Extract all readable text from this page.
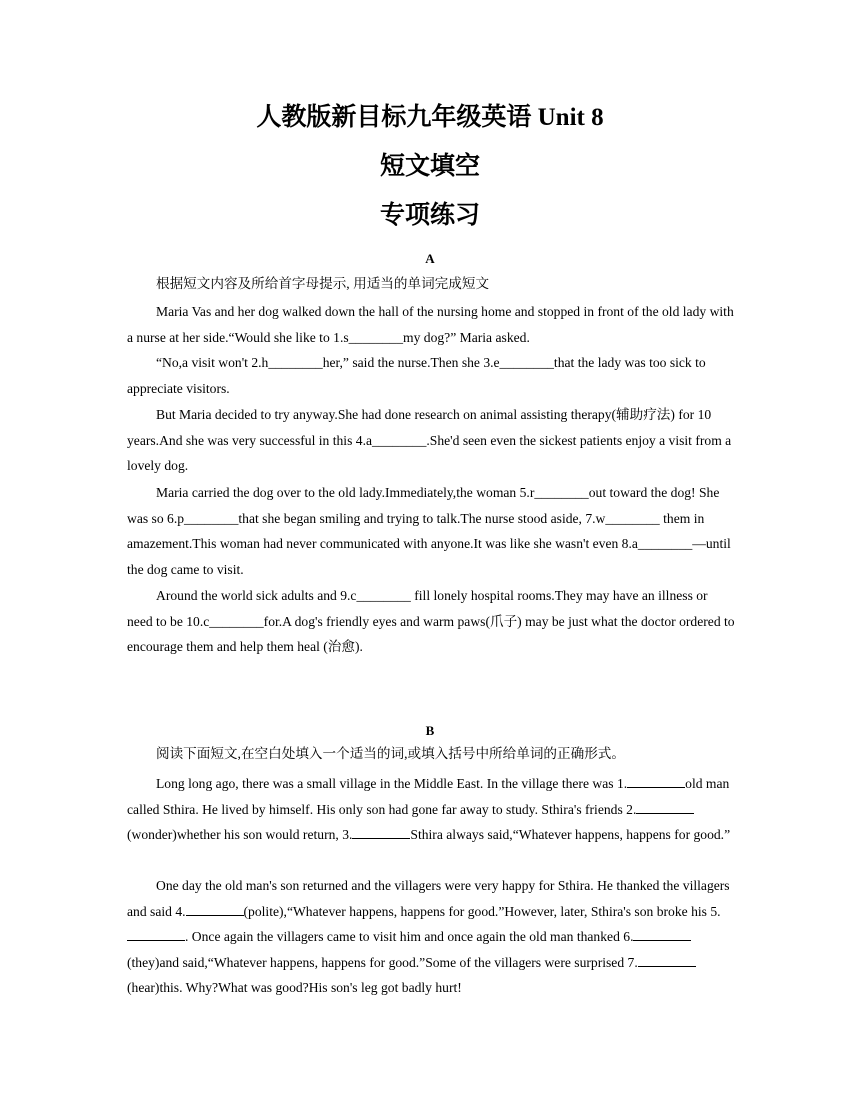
人教版新目标九年级英语 Unit 8
短文填空
专项练习
A

根据短文内容及所给首字母提示, 用适当的单词完成短文

Maria Vas and her dog walked down the hall of the nursing home and stopped in front of the old lady with a nurse at her side.“Would she like to 1.s________my dog?” Maria asked.

“No,a visit won't 2.h________her,” said the nurse.Then she 3.e________that the lady was too sick to appreciate visitors.

But Maria decided to try anyway.She had done research on animal assisting therapy(辅助疗法) for 10 years.And she was very successful in this 4.a________.She'd seen even the sickest patients enjoy a visit from a lovely dog.

Maria carried the dog over to the old lady.Immediately,the woman 5.r________out toward the dog! She was so 6.p________that she began smiling and trying to talk.The nurse stood aside, 7.w________ them in amazement.This woman had never communicated with anyone.It was like she wasn't even 8.a________—until the dog came to visit.

Around the world sick adults and 9.c________ fill lonely hospital rooms.They may have an illness or need to be 10.c________for.A dog's friendly eyes and warm paws(爪子) may be just what the doctor ordered to encourage them and help them heal (治愈).

B

阅读下面短文,在空白处填入一个适当的词,或填入括号中所给单词的正确形式。

Long long ago, there was a small village in the Middle East. In the village there was 1.	old man called Sthira. He lived by himself. His only son had gone far away to study. Sthira's friends 2.(wonder)whether his son would return, 3.	Sthira always said,“Whatever happens, happens for good.”

One day the old man's son returned and the villagers were very happy for Sthira. He thanked the villagers and said 4.	(polite),“Whatever happens, happens for good.”However, later, Sthira's son broke his 5.. Once again the villagers came to visit him and once again the old man thanked 6.(they)and said,“Whatever happens, happens for good.”Some of the villagers were surprised 7.(hear)this. Why?What was good?His son's leg got badly hurt!
